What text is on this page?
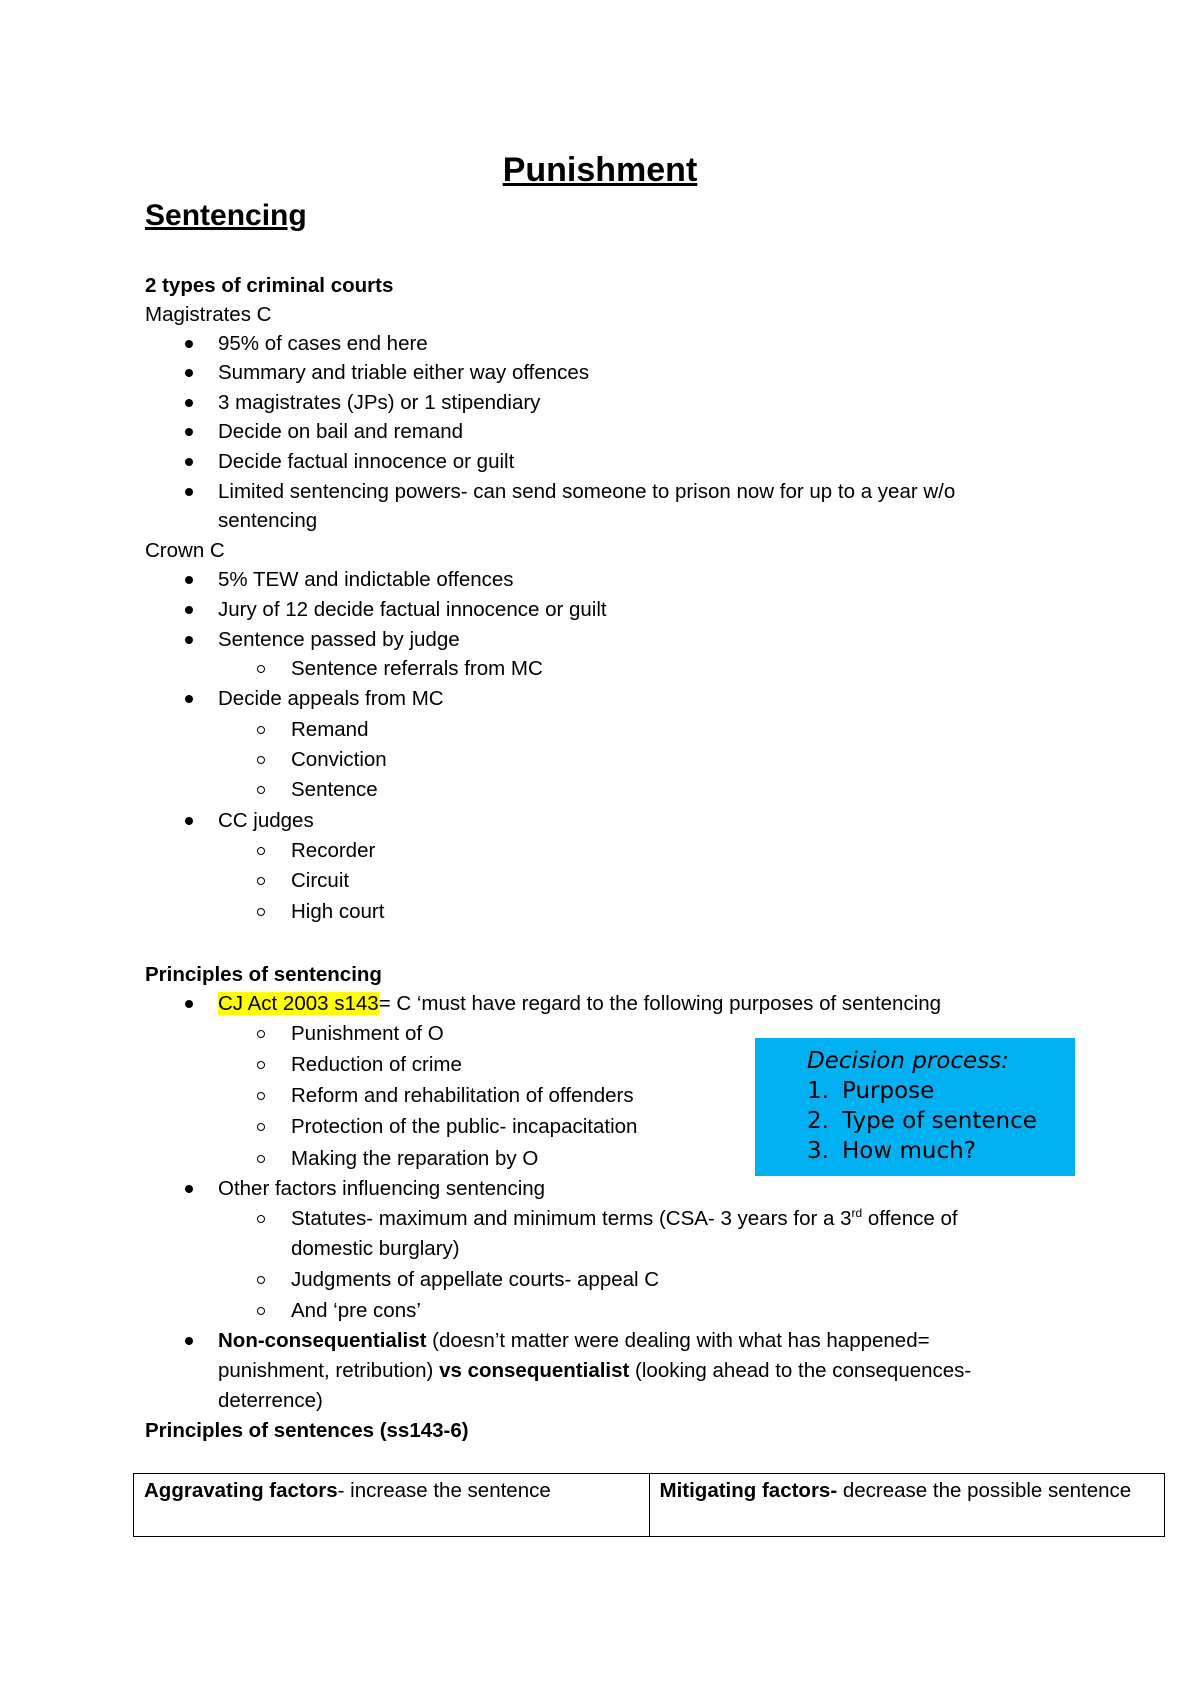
Punishment
Sentencing
2 types of criminal courts
Magistrates C
95% of cases end here
Summary and triable either way offences
3 magistrates (JPs) or 1 stipendiary
Decide on bail and remand
Decide factual innocence or guilt
Limited sentencing powers- can send someone to prison now for up to a year w/o
sentencing
Crown C
5% TEW and indictable offences
Jury of 12 decide factual innocence or guilt
Sentence passed by judge
Sentence referrals from MC
Decide appeals from MC
Remand
Conviction
Sentence
CC judges
Recorder
Circuit
High court
Principles of sentencing
CJ Act 2003 s143= C ‘must have regard to the following purposes of sentencing
Punishment of O
Reduction of crime
Reform and rehabilitation of offenders
Protection of the public- incapacitation
Making the reparation by O
Other factors influencing sentencing
Statutes- maximum and minimum terms (CSA- 3 years for a 3rd offence of
domestic burglary)
Judgments of appellate courts- appeal C
And ‘pre cons’
Non-consequentialist (doesn’t matter were dealing with what has happened=
punishment, retribution) vs consequentialist (looking ahead to the consequences-
deterrence)
Principles of sentences (ss143-6)
Decision process:
1. Purpose
2. Type of sentence
3. How much?
Aggravating factors- increase the sentence	Mitigating factors- decrease the possible sentence
